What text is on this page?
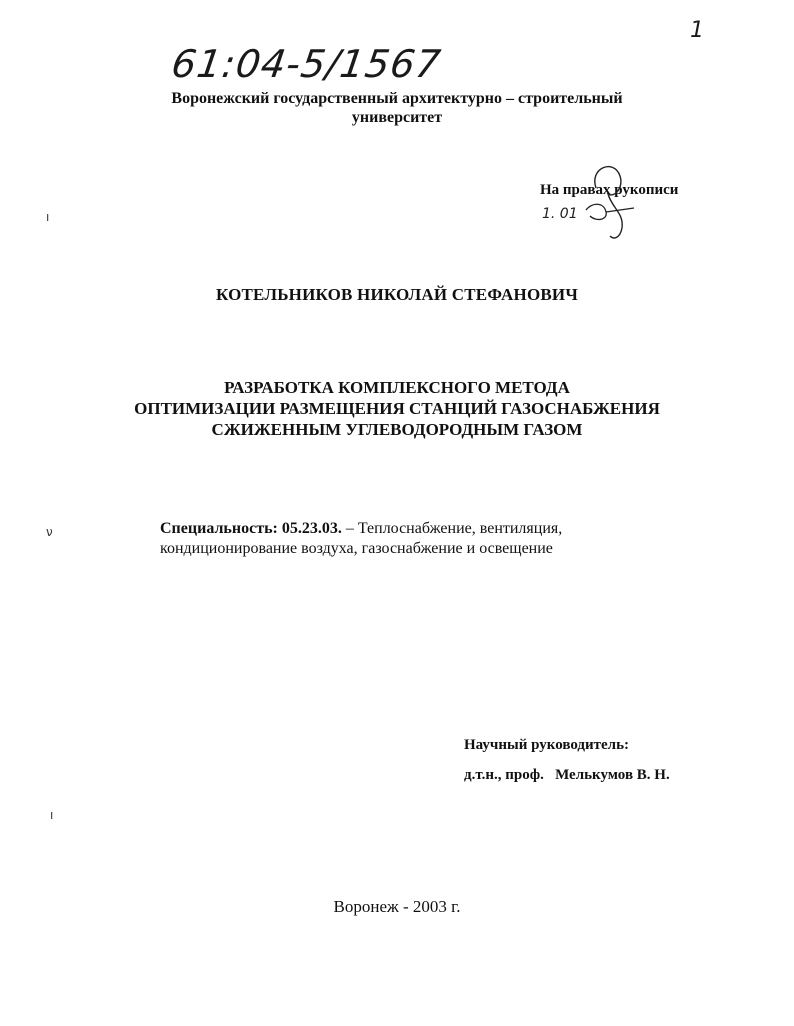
61:04-5/1567
1
Воронежский государственный архитектурно – строительный
университет
На правах рукописи
1. 01
КОТЕЛЬНИКОВ НИКОЛАЙ СТЕФАНОВИЧ
РАЗРАБОТКА КОМПЛЕКСНОГО МЕТОДА
ОПТИМИЗАЦИИ РАЗМЕЩЕНИЯ СТАНЦИЙ ГАЗОСНАБЖЕНИЯ
СЖИЖЕННЫМ УГЛЕВОДОРОДНЫМ ГАЗОМ
Специальность: 05.23.03. – Теплоснабжение, вентиляция,
кондиционирование воздуха, газоснабжение и освещение
Научный руководитель:
д.т.н., проф. Мелькумов В. Н.
Воронеж - 2003 г.
ı
ν
ı
